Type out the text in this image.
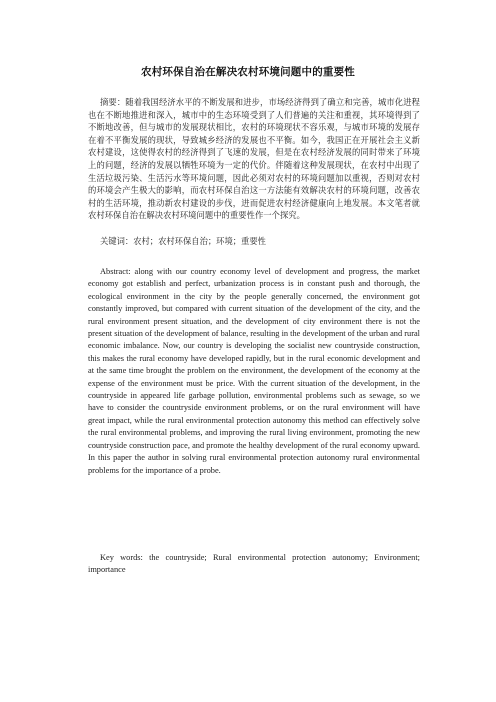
农村环保自治在解决农村环境问题中的重要性
摘要：随着我国经济水平的不断发展和进步，市场经济得到了确立和完善，城市化进程也在不断地推进和深入，城市中的生态环境受到了人们普遍的关注和重视，其环境得到了不断地改善，但与城市的发展现状相比，农村的环境现状不容乐观，与城市环境的发展存在着不平衡发展的现状，导致城乡经济的发展也不平衡。如今，我国正在开展社会主义新农村建设，这使得农村的经济得到了飞速的发展，但是在农村经济发展的同时带来了环境上的问题，经济的发展以牺牲环境为一定的代价。伴随着这种发展现状，在农村中出现了生活垃圾污染、生活污水等环境问题，因此必须对农村的环境问题加以重视，否则对农村的环境会产生极大的影响，而农村环保自治这一方法能有效解决农村的环境问题，改善农村的生活环境，推动新农村建设的步伐，进而促进农村经济健康向上地发展。本文笔者就农村环保自治在解决农村环境问题中的重要性作一个探究。
关键词：农村；农村环保自治；环境；重要性
Abstract: along with our country economy level of development and progress, the market economy got establish and perfect, urbanization process is in constant push and thorough, the ecological environment in the city by the people generally concerned, the environment got constantly improved, but compared with current situation of the development of the city, and the rural environment present situation, and the development of city environment there is not the present situation of the development of balance, resulting in the development of the urban and rural economic imbalance. Now, our country is developing the socialist new countryside construction, this makes the rural economy have developed rapidly, but in the rural economic development and at the same time brought the problem on the environment, the development of the economy at the expense of the environment must be price. With the current situation of the development, in the countryside in appeared life garbage pollution, environmental problems such as sewage, so we have to consider the countryside environment problems, or on the rural environment will have great impact, while the rural environmental protection autonomy this method can effectively solve the rural environmental problems, and improving the rural living environment, promoting the new countryside construction pace, and promote the healthy development of the rural economy upward. In this paper the author in solving rural environmental protection autonomy rural environmental problems for the importance of a probe.
Key words: the countryside; Rural environmental protection autonomy; Environment; importance
